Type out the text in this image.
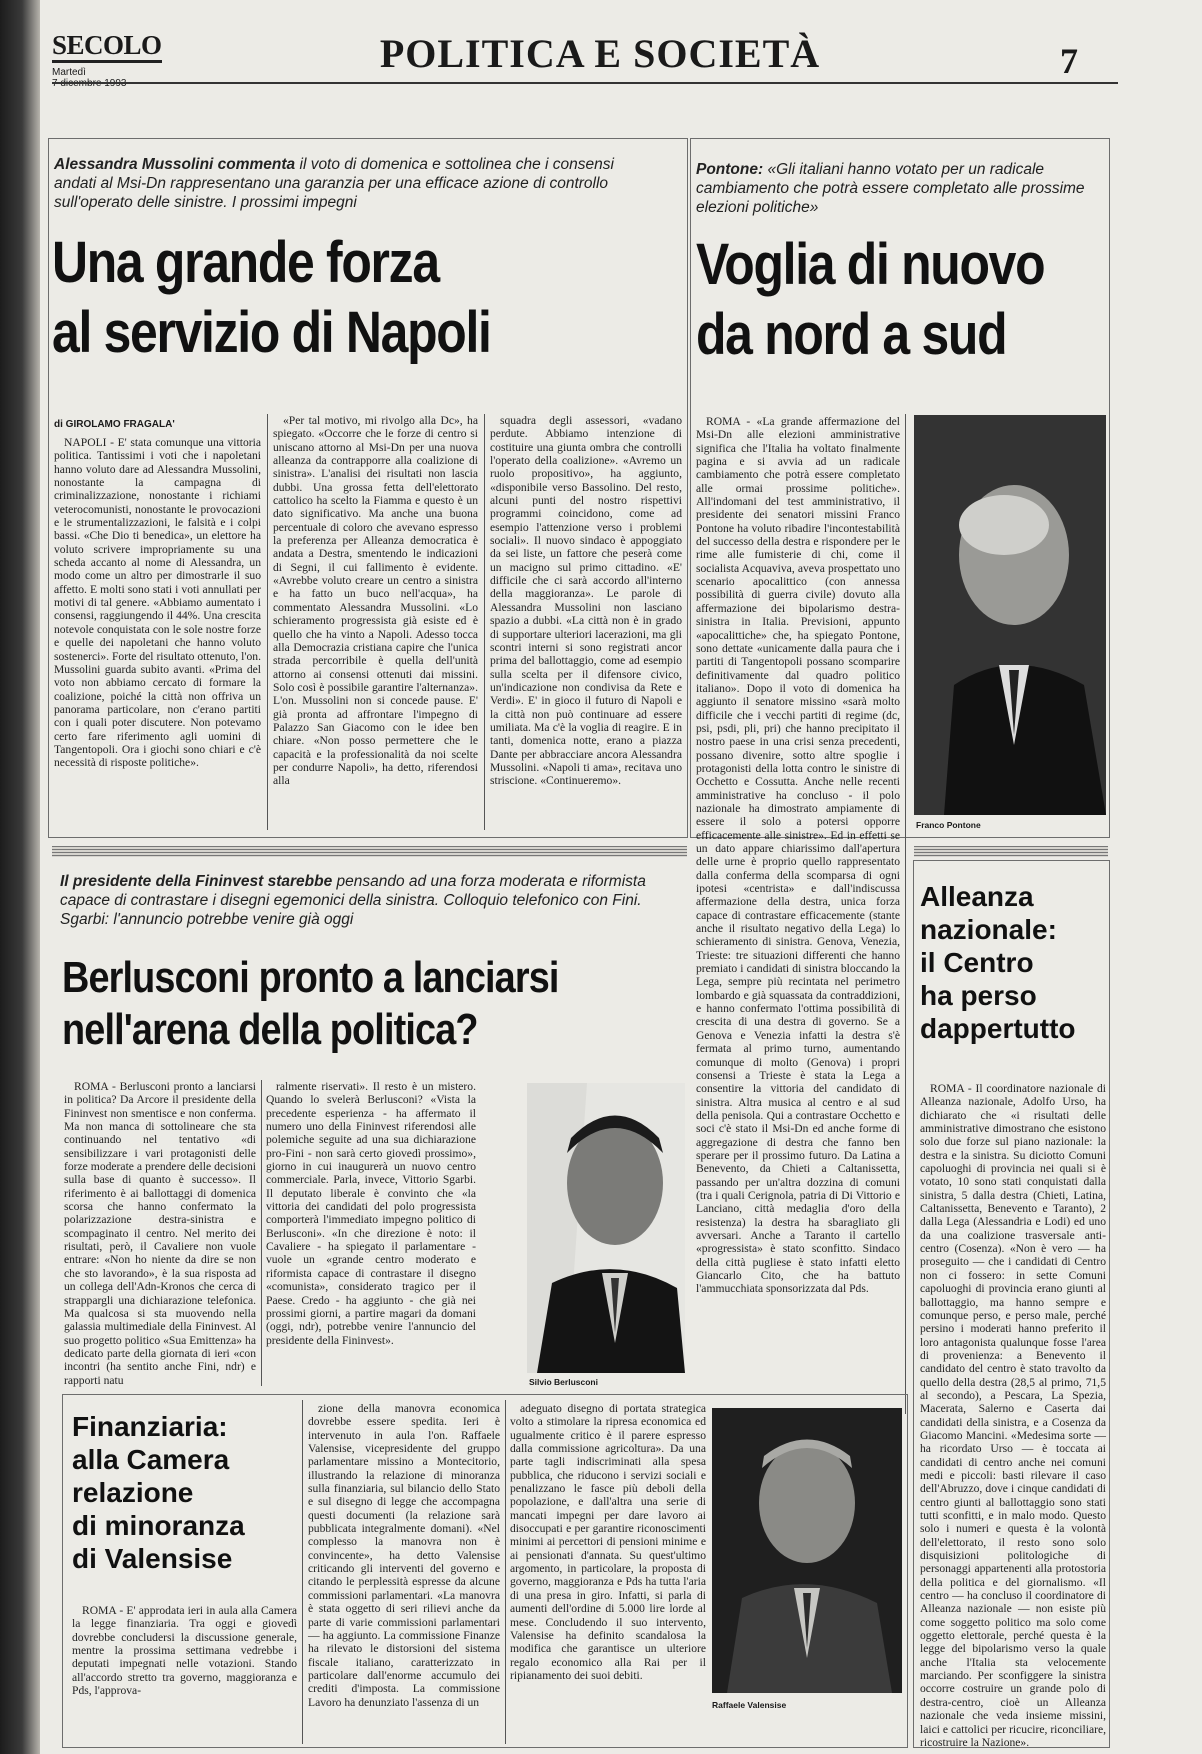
SECOLO
Martedì	POLITICA E SOCIETÀ	7
Alessandra Mussolini commenta il voto di domenica e sottolinea che i consensi andati al Msi-Dn rappresentano una garanzia per una efficace azione di controllo sull'operato delle sinistre. I prossimi impegni
Una grande forza
al servizio di Napoli
di GIROLAMO FRAGALA'

NAPOLI - E' stata comunque una vittoria politica. Tantissimi i voti che i napoletani hanno voluto dare ad Alessandra Mussolini, nonostante la campagna di criminalizzazione, nonostante i richiami veterocomunisti, nonostante le provocazioni e le strumentalizzazioni, le falsità e i colpi bassi. «Che Dio ti benedica», un elettore ha voluto scrivere impropriamente su una scheda accanto al nome di Alessandra, un modo come un altro per dimostrarle il suo affetto. E molti sono stati i voti annullati per motivi di tal genere. «Abbiamo aumentato i consensi, raggiungendo il 44%. Una crescita notevole conquistata con le sole nostre forze e quelle dei napoletani che hanno voluto sostenerci». Forte del risultato ottenuto, l'on. Mussolini guarda subito avanti. «Prima del voto non abbiamo cercato di formare la coalizione, poiché la città non offriva un panorama particolare, non c'erano partiti con i quali poter discutere. Non potevamo certo fare riferimento agli uomini di Tangentopoli. Ora i giochi sono chiari e c'è necessità di risposte politiche».

«Per tal motivo, mi rivolgo alla Dc», ha spiegato. «Occorre che le forze di centro si uniscano attorno al Msi-Dn per una nuova alleanza da contrapporre alla coalizione di sinistra». L'analisi dei risultati non lascia dubbi. Una grossa fetta dell'elettorato cattolico ha scelto la Fiamma e questo è un dato significativo. Ma anche una buona percentuale di coloro che avevano espresso la preferenza per Alleanza democratica è andata a Destra, smentendo le indicazioni di Segni, il cui fallimento è evidente. «Avrebbe voluto creare un centro a sinistra e ha fatto un buco nell'acqua», ha commentato Alessandra Mussolini. «Lo schieramento progressista già esiste ed è quello che ha vinto a Napoli. Adesso tocca alla Democrazia cristiana capire che l'unica strada percorribile è quella dell'unità attorno ai consensi ottenuti dai missini. Solo così è possibile garantire l'alternanza». L'on. Mussolini non si concede pause. E' già pronta ad affrontare l'impegno di Palazzo San Giacomo con le idee ben chiare. «Non posso permettere che le capacità e la professionalità da noi scelte per condurre Napoli», ha detto, riferendosi alla

squadra degli assessori, «vadano perdute. Abbiamo intenzione di costituire una giunta ombra che controlli l'operato della coalizione». «Avremo un ruolo propositivo», ha aggiunto, «disponibile verso Bassolino. Del resto, alcuni punti del nostro rispettivi programmi coincidono, come ad esempio l'attenzione verso i problemi sociali». Il nuovo sindaco è appoggiato da sei liste, un fattore che peserà come un macigno sul primo cittadino. «E' difficile che ci sarà accordo all'interno della maggioranza». Le parole di Alessandra Mussolini non lasciano spazio a dubbi. «La città non è in grado di supportare ulteriori lacerazioni, ma gli scontri interni si sono registrati ancor prima del ballottaggio, come ad esempio sulla scelta per il difensore civico, un'indicazione non condivisa da Rete e Verdi». E' in gioco il futuro di Napoli e la città non può continuare ad essere umiliata. Ma c'è la voglia di reagire. E in tanti, domenica notte, erano a piazza Dante per abbracciare ancora Alessandra Mussolini. «Napoli ti ama», recitava uno striscione. «Continueremo».

Pontone: «Gli italiani hanno votato per un radicale cambiamento che potrà essere completato alle prossime elezioni politiche»
Voglia di nuovo
da nord a sud

ROMA - «La grande affermazione del Msi-Dn alle elezioni amministrative significa che l'Italia ha voltato finalmente pagina e si avvia ad un radicale cambiamento che potrà essere completato alle ormai prossime politiche». All'indomani del test amministrativo, il presidente dei senatori missini Franco Pontone ha voluto ribadire l'incontestabilità del successo della destra e rispondere per le rime alle fumisterie di chi, come il socialista Acquaviva, aveva prospettato uno scenario apocalittico (con annessa possibilità di guerra civile) dovuto alla affermazione dei bipolarismo destra-sinistra in Italia. Previsioni, appunto «apocalittiche» che, ha spiegato Pontone, sono dettate «unicamente dalla paura che i partiti di Tangentopoli possano scomparire definitivamente dal quadro politico italiano». Dopo il voto di domenica ha aggiunto il senatore missino «sarà molto difficile che i vecchi partiti di regime (dc, psi, psdi, pli, pri) che hanno precipitato il nostro paese in una crisi senza precedenti, possano divenire, sotto altre spoglie i protagonisti della lotta contro le sinistre di Occhetto e Cossutta. Anche nelle recenti amministrative ha concluso - il polo nazionale ha dimostrato ampiamente di essere il solo a potersi opporre efficacemente alle sinistre». Ed in effetti se un dato appare chiarissimo dall'apertura delle urne è proprio quello rappresentato dalla conferma della scomparsa di ogni ipotesi «centrista» e dall'indiscussa affermazione della destra, unica forza capace di contrastare efficacemente (stante anche il risultato negativo della Lega) lo schieramento di sinistra. Genova, Venezia, Trieste: tre situazioni differenti che hanno premiato i candidati di sinistra bloccando la Lega, sempre più recintata nel perimetro lombardo e già squassata da contraddizioni, e hanno confermato l'ottima possibilità di crescita di una destra di governo. Se a Genova e Venezia infatti la destra s'è fermata al primo turno, aumentando comunque di molto (Genova) i propri consensi a Trieste è stata la Lega a consentire la vittoria del candidato di sinistra. Altra musica al centro e al sud della penisola. Qui a contrastare Occhetto e soci c'è stato il Msi-Dn ed anche forme di aggregazione di destra che fanno ben sperare per il prossimo futuro. Da Latina a Benevento, da Chieti a Caltanissetta, passando per un'altra dozzina di comuni (tra i quali Cerignola, patria di Di Vittorio e Lanciano, città medaglia d'oro della resistenza) la destra ha sbaragliato gli avversari. Anche a Taranto il cartello «progressista» è stato sconfitto. Sindaco della città pugliese è stato infatti eletto Giancarlo Cito, che ha battuto l'ammucchiata sponsorizzata dal Pds.

Franco Pontone
Il presidente della Fininvest starebbe pensando ad una forza moderata e riformista capace di contrastare i disegni egemonici della sinistra. Colloquio telefonico con Fini. Sgarbi: l'annuncio potrebbe venire già oggi
Berlusconi pronto a lanciarsi
nell'arena della politica?

ROMA - Berlusconi pronto a lanciarsi in politica? Da Arcore il presidente della Fininvest non smentisce e non conferma. Ma non manca di sottolineare che sta continuando nel tentativo «di sensibilizzare i vari protagonisti delle forze moderate a prendere delle decisioni sulla base di quanto è successo». Il riferimento è ai ballottaggi di domenica scorsa che hanno confermato la polarizzazione destra-sinistra e scompaginato il centro. Nel merito dei risultati, però, il Cavaliere non vuole entrare: «Non ho niente da dire se non che sto lavorando», è la sua risposta ad un collega dell'Adn-Kronos che cerca di strappargli una dichiarazione telefonica. Ma qualcosa si sta muovendo nella galassia multimediale della Fininvest. Al suo progetto politico «Sua Emittenza» ha dedicato parte della giornata di ieri «con incontri (ha sentito anche Fini, ndr) e rapporti natu

ralmente riservati». Il resto è un mistero. Quando lo svelerà Berlusconi? «Vista la precedente esperienza - ha affermato il numero uno della Fininvest riferendosi alle polemiche seguite ad una sua dichiarazione pro-Fini - non sarà certo giovedì prossimo», giorno in cui inaugurerà un nuovo centro commerciale. Parla, invece, Vittorio Sgarbi. Il deputato liberale è convinto che «la vittoria dei candidati del polo progressista comporterà l'immediato impegno politico di Berlusconi». «In che direzione è noto: il Cavaliere - ha spiegato il parlamentare - vuole un «grande centro moderato e riformista capace di contrastare il disegno «comunista», considerato tragico per il Paese. Credo - ha aggiunto - che già nei prossimi giorni, a partire magari da domani (oggi, ndr), potrebbe venire l'annuncio del presidente della Fininvest».

Silvio Berlusconi
Alleanza
nazionale:
il Centro
ha perso
dappertutto

ROMA - Il coordinatore nazionale di Alleanza nazionale, Adolfo Urso, ha dichiarato che «i risultati delle amministrative dimostrano che esistono solo due forze sul piano nazionale: la destra e la sinistra. Su diciotto Comuni capoluoghi di provincia nei quali si è votato, 10 sono stati conquistati dalla sinistra, 5 dalla destra (Chieti, Latina, Caltanissetta, Benevento e Taranto), 2 dalla Lega (Alessandria e Lodi) ed uno da una coalizione trasversale anti-centro (Cosenza). «Non è vero — ha proseguito — che i candidati di Centro non ci fossero: in sette Comuni capoluoghi di provincia erano giunti al ballottaggio, ma hanno sempre e comunque perso, e perso male, perché persino i moderati hanno preferito il loro antagonista qualunque fosse l'area di provenienza: a Benevento il candidato del centro è stato travolto da quello della destra (28,5 al primo, 71,5 al secondo), a Pescara, La Spezia, Macerata, Salerno e Caserta dai candidati della sinistra, e a Cosenza da Giacomo Mancini. «Medesima sorte — ha ricordato Urso — è toccata ai candidati di centro anche nei comuni medi e piccoli: basti rilevare il caso dell'Abruzzo, dove i cinque candidati di centro giunti al ballottaggio sono stati tutti sconfitti, e in malo modo. Questo solo i numeri e questa è la volontà dell'elettorato, il resto sono solo disquisizioni politologiche di personaggi appartenenti alla protostoria della politica e del giornalismo. «Il centro — ha concluso il coordinatore di Alleanza nazionale — non esiste più come soggetto politico ma solo come oggetto elettorale, perché questa è la legge del bipolarismo verso la quale anche l'Italia sta velocemente marciando. Per sconfiggere la sinistra occorre costruire un grande polo di destra-centro, cioè un Alleanza nazionale che veda insieme missini, laici e cattolici per ricucire, riconciliare, ricostruire la Nazione».

Finanziaria:
alla Camera
relazione
di minoranza
di Valensise

ROMA - E' approdata ieri in aula alla Camera la legge finanziaria. Tra oggi e giovedì dovrebbe concludersi la discussione generale, mentre la prossima settimana vedrebbe i deputati impegnati nelle votazioni. Stando all'accordo stretto tra governo, maggioranza e Pds, l'approva-

zione della manovra economica dovrebbe essere spedita. Ieri è intervenuto in aula l'on. Raffaele Valensise, vicepresidente del gruppo parlamentare missino a Montecitorio, illustrando la relazione di minoranza sulla finanziaria, sul bilancio dello Stato e sul disegno di legge che accompagna questi documenti (la relazione sarà pubblicata integralmente domani). «Nel complesso la manovra non è convincente», ha detto Valensise criticando gli interventi del governo e citando le perplessità espresse da alcune commissioni parlamentari. «La manovra è stata oggetto di seri rilievi anche da parte di varie commissioni parlamentari — ha aggiunto. La commissione Finanze ha rilevato le distorsioni del sistema fiscale italiano, caratterizzato in particolare dall'enorme accumulo dei crediti d'imposta. La commissione Lavoro ha denunziato l'assenza di un

adeguato disegno di portata strategica volto a stimolare la ripresa economica ed ugualmente critico è il parere espresso dalla commissione agricoltura». Da una parte tagli indiscriminati alla spesa pubblica, che riducono i servizi sociali e penalizzano le fasce più deboli della popolazione, e dall'altra una serie di mancati impegni per dare lavoro ai disoccupati e per garantire riconoscimenti minimi ai percettori di pensioni minime e ai pensionati d'annata. Su quest'ultimo argomento, in particolare, la proposta di governo, maggioranza e Pds ha tutta l'aria di una presa in giro. Infatti, si parla di aumenti dell'ordine di 5.000 lire lorde al mese. Concludendo il suo intervento, Valensise ha definito scandalosa la modifica che garantisce un ulteriore regalo economico alla Rai per il ripianamento dei suoi debiti.

Raffaele Valensise
